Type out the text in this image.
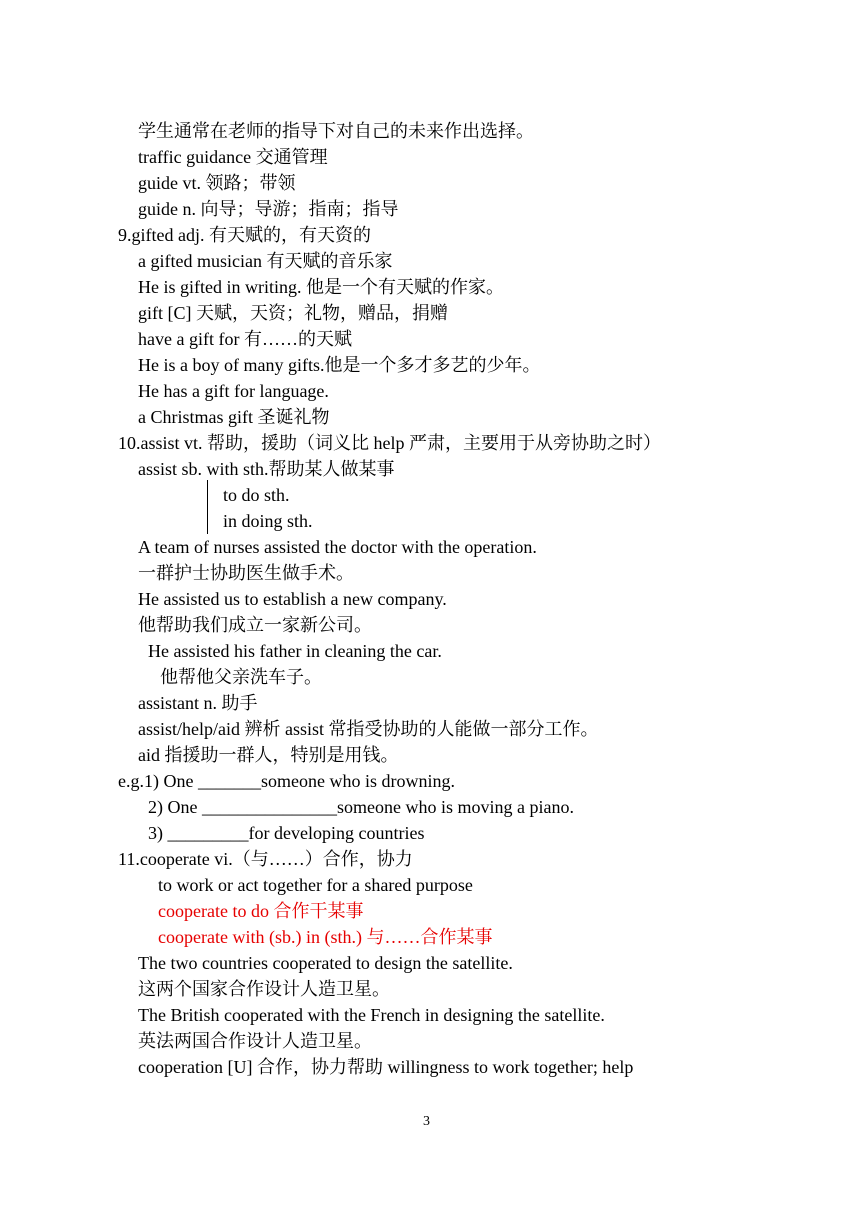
学生通常在老师的指导下对自己的未来作出选择。
traffic guidance 交通管理
guide vt. 领路；带领
guide n. 向导；导游；指南；指导
9.gifted adj. 有天赋的，有天资的
a gifted musician 有天赋的音乐家
He is gifted in writing. 他是一个有天赋的作家。
gift [C] 天赋，天资；礼物，赠品，捐赠
have a gift for 有……的天赋
He is a boy of many gifts.他是一个多才多艺的少年。
He has a gift for language.
a Christmas gift 圣诞礼物
10.assist vt. 帮助，援助（词义比 help 严肃，主要用于从旁协助之时）
assist sb. with sth.帮助某人做某事
to do sth.
in doing sth.
A team of nurses assisted the doctor with the operation.
一群护士协助医生做手术。
He assisted us to establish a new company.
他帮助我们成立一家新公司。
He assisted his father in cleaning the car.
他帮他父亲洗车子。
assistant n. 助手
assist/help/aid 辨析 assist 常指受协助的人能做一部分工作。
aid 指援助一群人，特别是用钱。
e.g.1) One _______someone who is drowning.
2) One _______________someone who is moving a piano.
3) _________for developing countries
11.cooperate vi.（与……）合作，协力
to work or act together for a shared purpose
cooperate to do 合作干某事
cooperate with (sb.) in (sth.) 与……合作某事
The two countries cooperated to design the satellite.
这两个国家合作设计人造卫星。
The British cooperated with the French in designing the satellite.
英法两国合作设计人造卫星。
cooperation [U] 合作，协力帮助 willingness to work together; help
3
